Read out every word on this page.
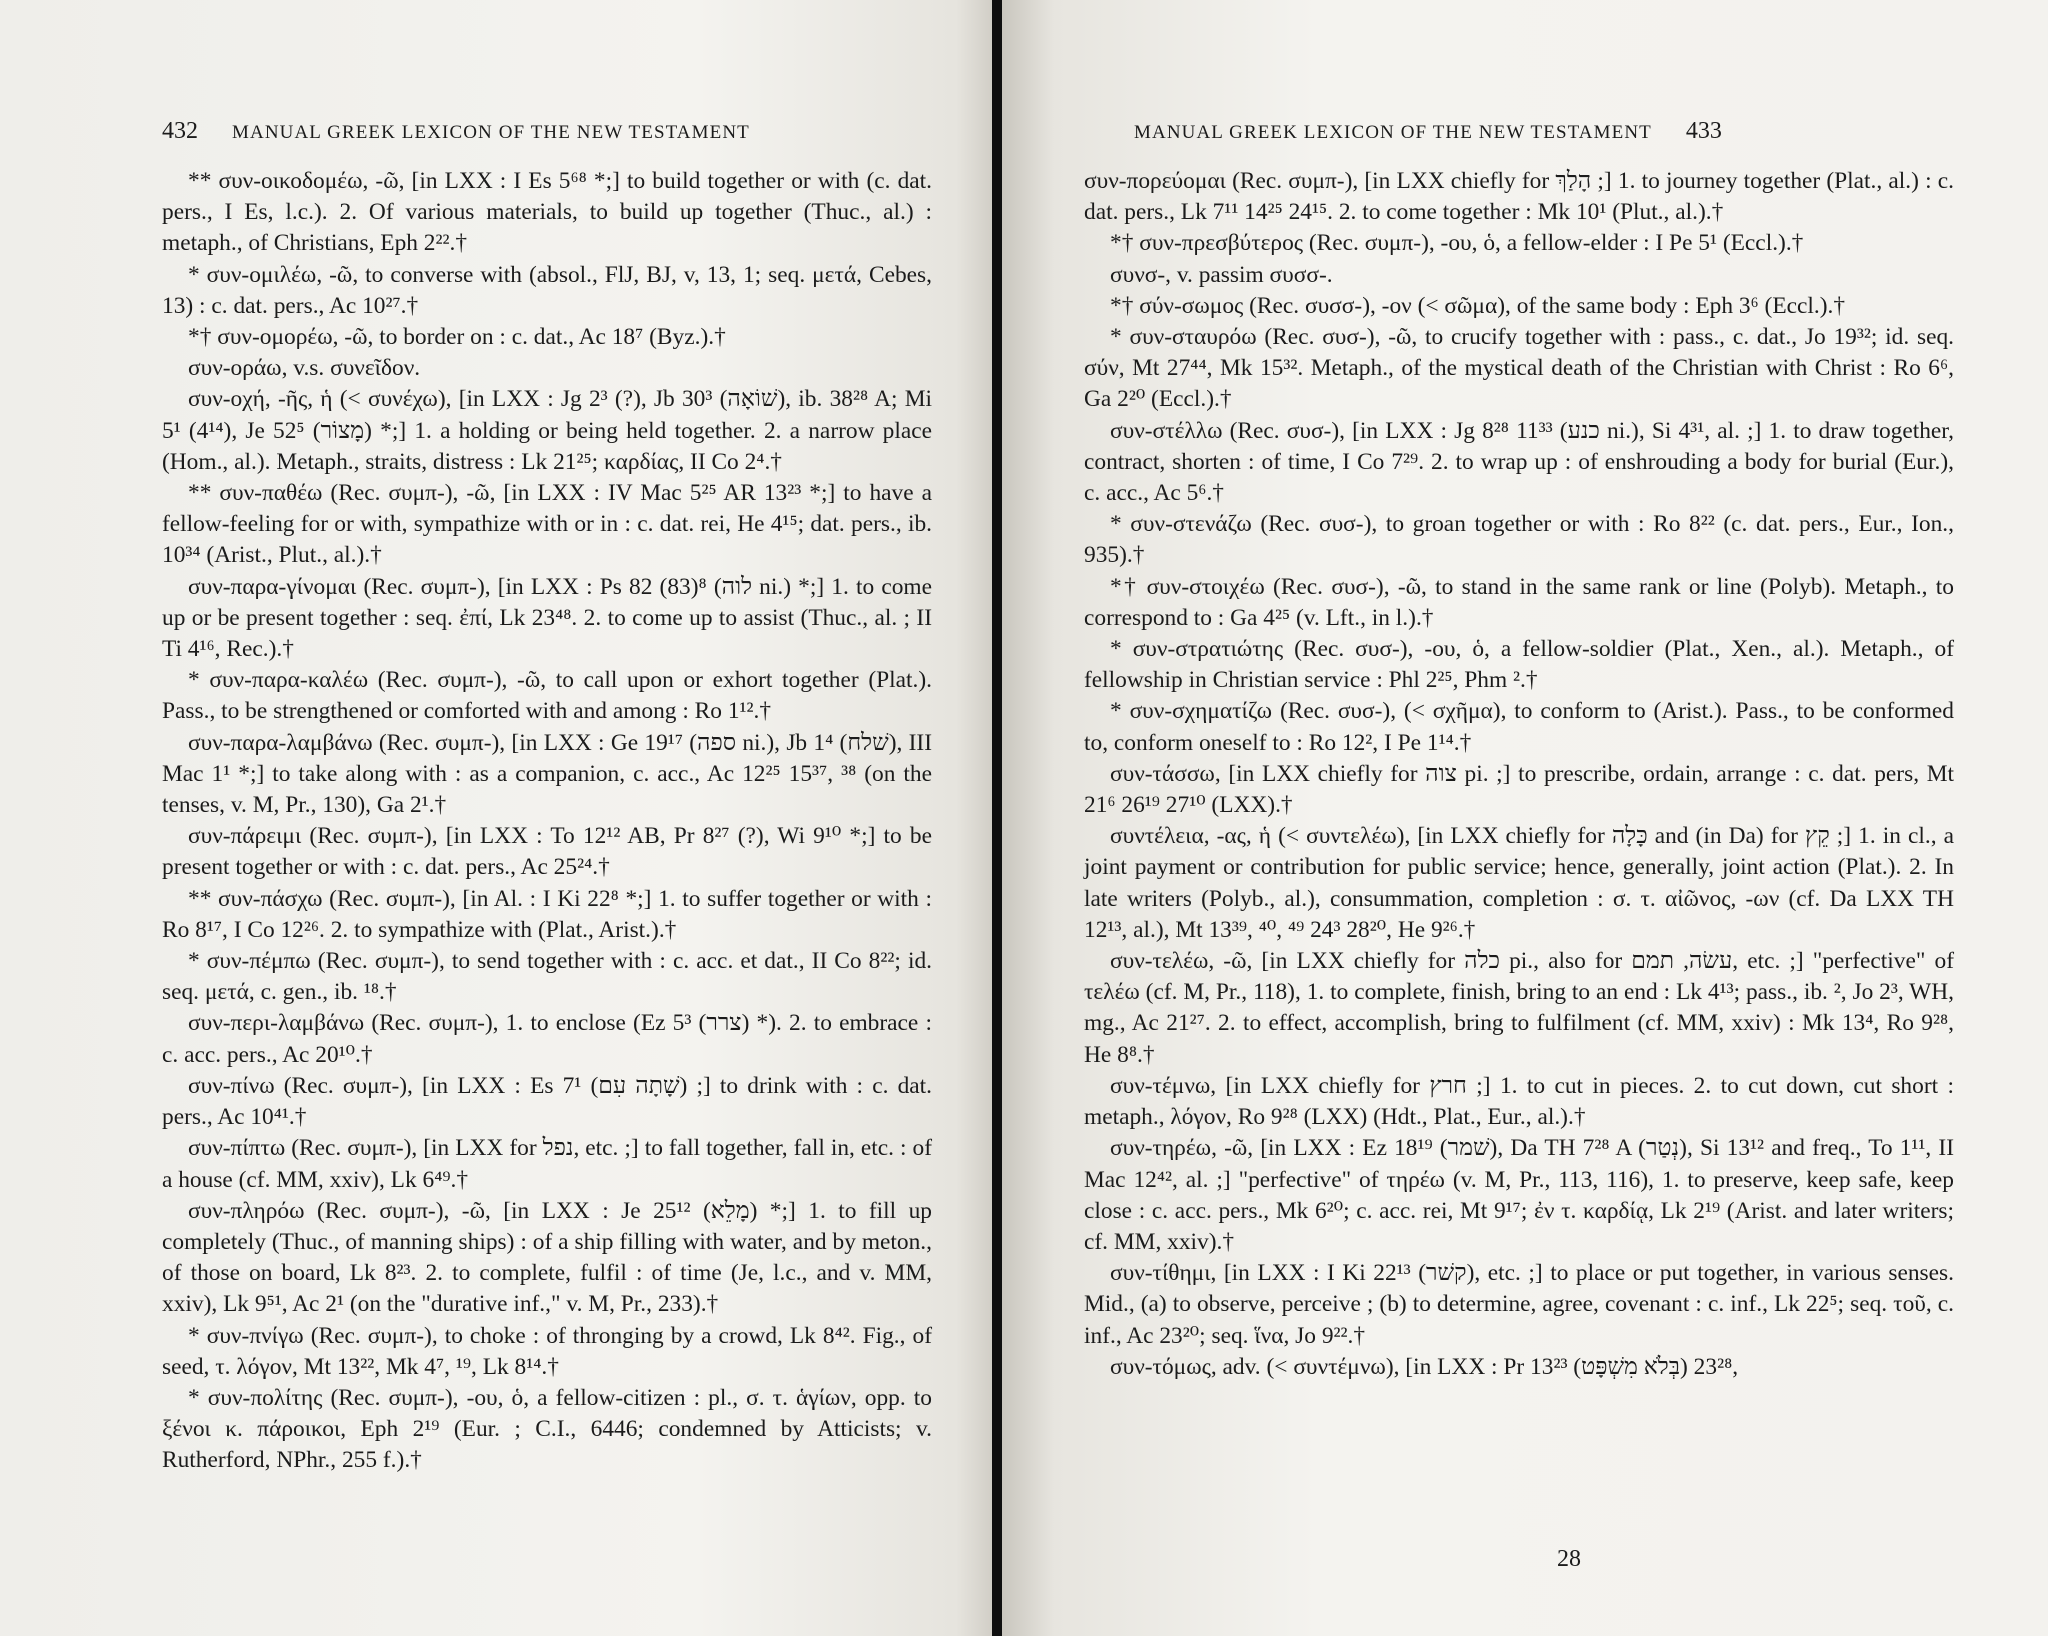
432 MANUAL GREEK LEXICON OF THE NEW TESTAMENT

** συν-οικοδομέω, -ῶ, [in LXX : I Es 5⁶⁸ *;] to build together or with (c. dat. pers., I Es, l.c.). 2. Of various materials, to build up together (Thuc., al.) : metaph., of Christians, Eph 2²².†

* συν-ομιλέω, -ῶ, to converse with (absol., FlJ, BJ, v, 13, 1; seq. μετά, Cebes, 13) : c. dat. pers., Ac 10²⁷.†

*† συν-ομορέω, -ῶ, to border on : c. dat., Ac 18⁷ (Byz.).†

συν-οράω, v.s. συνεῖδον.

συν-οχή, -ῆς, ἡ (< συνέχω), [in LXX : Jg 2³ (?), Jb 30³ (שׁוֹאָה), ib. 38²⁸ A; Mi 5¹ (4¹⁴), Je 52⁵ (מָצוֹר) *;] 1. a holding or being held together. 2. a narrow place (Hom., al.). Metaph., straits, distress : Lk 21²⁵; καρδίας, II Co 2⁴.†

** συν-παθέω (Rec. συμπ-), -ῶ, [in LXX : IV Mac 5²⁵ AR 13²³ *;] to have a fellow-feeling for or with, sympathize with or in : c. dat. rei, He 4¹⁵; dat. pers., ib. 10³⁴ (Arist., Plut., al.).†

συν-παρα-γίνομαι (Rec. συμπ-), [in LXX : Ps 82 (83)⁸ (לוה ni.) *;] 1. to come up or be present together : seq. ἐπί, Lk 23⁴⁸. 2. to come up to assist (Thuc., al. ; II Ti 4¹⁶, Rec.).†

* συν-παρα-καλέω (Rec. συμπ-), -ῶ, to call upon or exhort together (Plat.). Pass., to be strengthened or comforted with and among : Ro 1¹².†

συν-παρα-λαμβάνω (Rec. συμπ-), [in LXX : Ge 19¹⁷ (ספה ni.), Jb 1⁴ (שׁלח), III Mac 1¹ *;] to take along with : as a companion, c. acc., Ac 12²⁵ 15³⁷, ³⁸ (on the tenses, v. M, Pr., 130), Ga 2¹.†

συν-πάρειμι (Rec. συμπ-), [in LXX : To 12¹² AB, Pr 8²⁷ (?), Wi 9¹⁰ *;] to be present together or with : c. dat. pers., Ac 25²⁴.†

** συν-πάσχω (Rec. συμπ-), [in Al. : I Ki 22⁸ *;] 1. to suffer together or with : Ro 8¹⁷, I Co 12²⁶. 2. to sympathize with (Plat., Arist.).†

* συν-πέμπω (Rec. συμπ-), to send together with : c. acc. et dat., II Co 8²²; id. seq. μετά, c. gen., ib. ¹⁸.†

συν-περι-λαμβάνω (Rec. συμπ-), 1. to enclose (Ez 5³ (צרר) *). 2. to embrace : c. acc. pers., Ac 20¹⁰.†

συν-πίνω (Rec. συμπ-), [in LXX : Es 7¹ (שָׁתָה עִם) ;] to drink with : c. dat. pers., Ac 10⁴¹.†

συν-πίπτω (Rec. συμπ-), [in LXX for נפל, etc. ;] to fall together, fall in, etc. : of a house (cf. MM, xxiv), Lk 6⁴⁹.†

συν-πληρόω (Rec. συμπ-), -ῶ, [in LXX : Je 25¹² (מָלֵא) *;] 1. to fill up completely (Thuc., of manning ships) : of a ship filling with water, and by meton., of those on board, Lk 8²³. 2. to complete, fulfil : of time (Je, l.c., and v. MM, xxiv), Lk 9⁵¹, Ac 2¹ (on the "durative inf.," v. M, Pr., 233).†

* συν-πνίγω (Rec. συμπ-), to choke : of thronging by a crowd, Lk 8⁴². Fig., of seed, τ. λόγον, Mt 13²², Mk 4⁷, ¹⁹, Lk 8¹⁴.†

* συν-πολίτης (Rec. συμπ-), -ου, ὁ, a fellow-citizen : pl., σ. τ. ἁγίων, opp. to ξένοι κ. πάροικοι, Eph 2¹⁹ (Eur. ; C.I., 6446; condemned by Atticists; v. Rutherford, NPhr., 255 f.).†

MANUAL GREEK LEXICON OF THE NEW TESTAMENT 433

συν-πορεύομαι (Rec. συμπ-), [in LXX chiefly for הָלַךְ ;] 1. to journey together (Plat., al.) : c. dat. pers., Lk 7¹¹ 14²⁵ 24¹⁵. 2. to come together : Mk 10¹ (Plut., al.).†

*† συν-πρεσβύτερος (Rec. συμπ-), -ου, ὁ, a fellow-elder : I Pe 5¹ (Eccl.).†

συνσ-, v. passim συσσ-.

*† σύν-σωμος (Rec. συσσ-), -ον (< σῶμα), of the same body : Eph 3⁶ (Eccl.).†

* συν-σταυρόω (Rec. συσ-), -ῶ, to crucify together with : pass., c. dat., Jo 19³²; id. seq. σύν, Mt 27⁴⁴, Mk 15³². Metaph., of the mystical death of the Christian with Christ : Ro 6⁶, Ga 2²⁰ (Eccl.).†

συν-στέλλω (Rec. συσ-), [in LXX : Jg 8²⁸ 11³³ (כנע ni.), Si 4³¹, al. ;] 1. to draw together, contract, shorten : of time, I Co 7²⁹. 2. to wrap up : of enshrouding a body for burial (Eur.), c. acc., Ac 5⁶.†

* συν-στενάζω (Rec. συσ-), to groan together or with : Ro 8²² (c. dat. pers., Eur., Ion., 935).†

*† συν-στοιχέω (Rec. συσ-), -ῶ, to stand in the same rank or line (Polyb). Metaph., to correspond to : Ga 4²⁵ (v. Lft., in l.).†

* συν-στρατιώτης (Rec. συσ-), -ου, ὁ, a fellow-soldier (Plat., Xen., al.). Metaph., of fellowship in Christian service : Phl 2²⁵, Phm ².†

* συν-σχηματίζω (Rec. συσ-), (< σχῆμα), to conform to (Arist.). Pass., to be conformed to, conform oneself to : Ro 12², I Pe 1¹⁴.†

συν-τάσσω, [in LXX chiefly for צוה pi. ;] to prescribe, ordain, arrange : c. dat. pers, Mt 21⁶ 26¹⁹ 27¹⁰ (LXX).†

συντέλεια, -ας, ἡ (< συντελέω), [in LXX chiefly for כָּלָה and (in Da) for קֵץ ;] 1. in cl., a joint payment or contribution for public service; hence, generally, joint action (Plat.). 2. In late writers (Polyb., al.), consummation, completion : σ. τ. αἰῶνος, -ων (cf. Da LXX TH 12¹³, al.), Mt 13³⁹, ⁴⁰, ⁴⁹ 24³ 28²⁰, He 9²⁶.†

συν-τελέω, -ῶ, [in LXX chiefly for כלה pi., also for עשׂה, תמם, etc. ;] "perfective" of τελέω (cf. M, Pr., 118), 1. to complete, finish, bring to an end : Lk 4¹³; pass., ib. ², Jo 2³, WH, mg., Ac 21²⁷. 2. to effect, accomplish, bring to fulfilment (cf. MM, xxiv) : Mk 13⁴, Ro 9²⁸, He 8⁸.†

συν-τέμνω, [in LXX chiefly for חרץ ;] 1. to cut in pieces. 2. to cut down, cut short : metaph., λόγον, Ro 9²⁸ (LXX) (Hdt., Plat., Eur., al.).†

συν-τηρέω, -ῶ, [in LXX : Ez 18¹⁹ (שׁמר), Da TH 7²⁸ A (נְטַר), Si 13¹² and freq., To 1¹¹, II Mac 12⁴², al. ;] "perfective" of τηρέω (v. M, Pr., 113, 116), 1. to preserve, keep safe, keep close : c. acc. pers., Mk 6²⁰; c. acc. rei, Mt 9¹⁷; ἐν τ. καρδίᾳ, Lk 2¹⁹ (Arist. and later writers; cf. MM, xxiv).†

συν-τίθημι, [in LXX : I Ki 22¹³ (קשׁר), etc. ;] to place or put together, in various senses. Mid., (a) to observe, perceive ; (b) to determine, agree, covenant : c. inf., Lk 22⁵; seq. τοῦ, c. inf., Ac 23²⁰; seq. ἵνα, Jo 9²².†

συν-τόμως, adv. (< συντέμνω), [in LXX : Pr 13²³ (בְּלֹא מִשְׁפָּט) 23²⁸,

28
